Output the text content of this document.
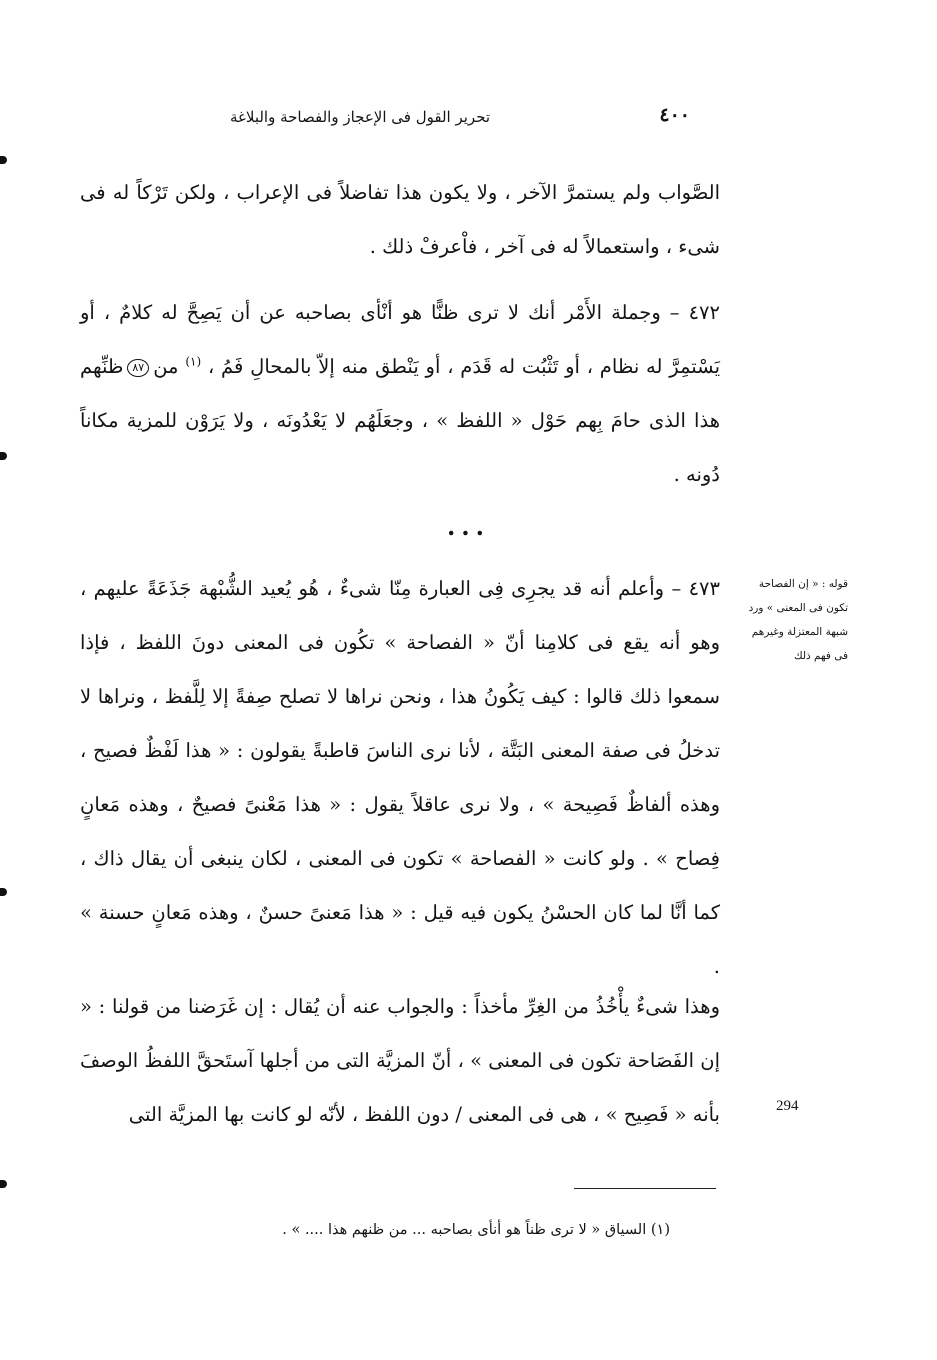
٤٠٠
تحرير القول فى الإعجاز والفصاحة والبلاغة

الصَّواب ولم يستمرَّ الآخر ، ولا يكون هذا تفاضلاً فى الإعراب ، ولكن تَرْكاً له فى شىء ، واستعمالاً له فى آخر ، فاْعرفْ ذلك .

٤٧٢ – وجملة الأَمْر أنك لا ترى ظنًّا هو أنْأى بصاحبه عن أن يَصِحَّ له كلامٌ ، أو يَسْتمِرَّ له نظام ، أو تَثْبُت له قَدَم ، أو يَنْطق منه إلاّ بالمحالِ فَمُ ، $^{(١)}$ من٨٧ظنِّهم هذا الذى حامَ بِهم حَوْل « اللفظ » ، وجعَلَهُم لا يَعْدُونَه ، ولا يَرَوْن للمزية مكاناً دُونه .

...

٤٧٣ – وأعلم أنه قد يجرِى فِى العبارة مِنّا شىءٌ ، هُو يُعيد الشُّبْهة جَذَعَةً عليهم ، وهو أنه يقع فى كلامِنا أنّ « الفصاحة » تكُون فى المعنى دونَ اللفظ ، فإذا سمعوا ذلك قالوا : كيف يَكُونُ هذا ، ونحن نراها لا تصلح صِفةً إلا لِلَّفظ ، ونراها لا تدخلُ فى صفة المعنى البَتَّة ، لأنا نرى الناسَ قاطبةً يقولون : « هذا لَفْظٌ فصيح ، وهذه ألفاظٌ فَصِيحة » ، ولا نرى عاقلاً يقول : « هذا مَعْنىً فصيحٌ ، وهذه مَعانٍ فِصاح » . ولو كانت « الفصاحة » تكون فى المعنى ، لكان ينبغى أن يقال ذاك ، كما أنَّا لما كان الحسْنُ يكون فيه قيل : « هذا مَعنىً حسنٌ ، وهذه مَعانٍ حسنة » .

وهذا شىءٌ يأْخُذُ من الغِرِّ مأخذاً : والجواب عنه أن يُقال : إن غَرَضنا من قولنا : « إن الفَصَاحة تكون فى المعنى » ، أنّ المزيَّة التى من أجلها آستَحقَّ اللفظُ الوصفَ بأنه « فَصِيح » ، هى فى المعنى / دون اللفظ ، لأنّه لو كانت بها المزيَّة التى

قوله : « إن الفصاحة تكون فى المعنى » ورد شبهة المعتزلة وغيرهم فى فهم ذلك
294
(١) السياق « لا ترى ظناً هو أنأى بصاحبه ... من ظنهم هذا .... » .
